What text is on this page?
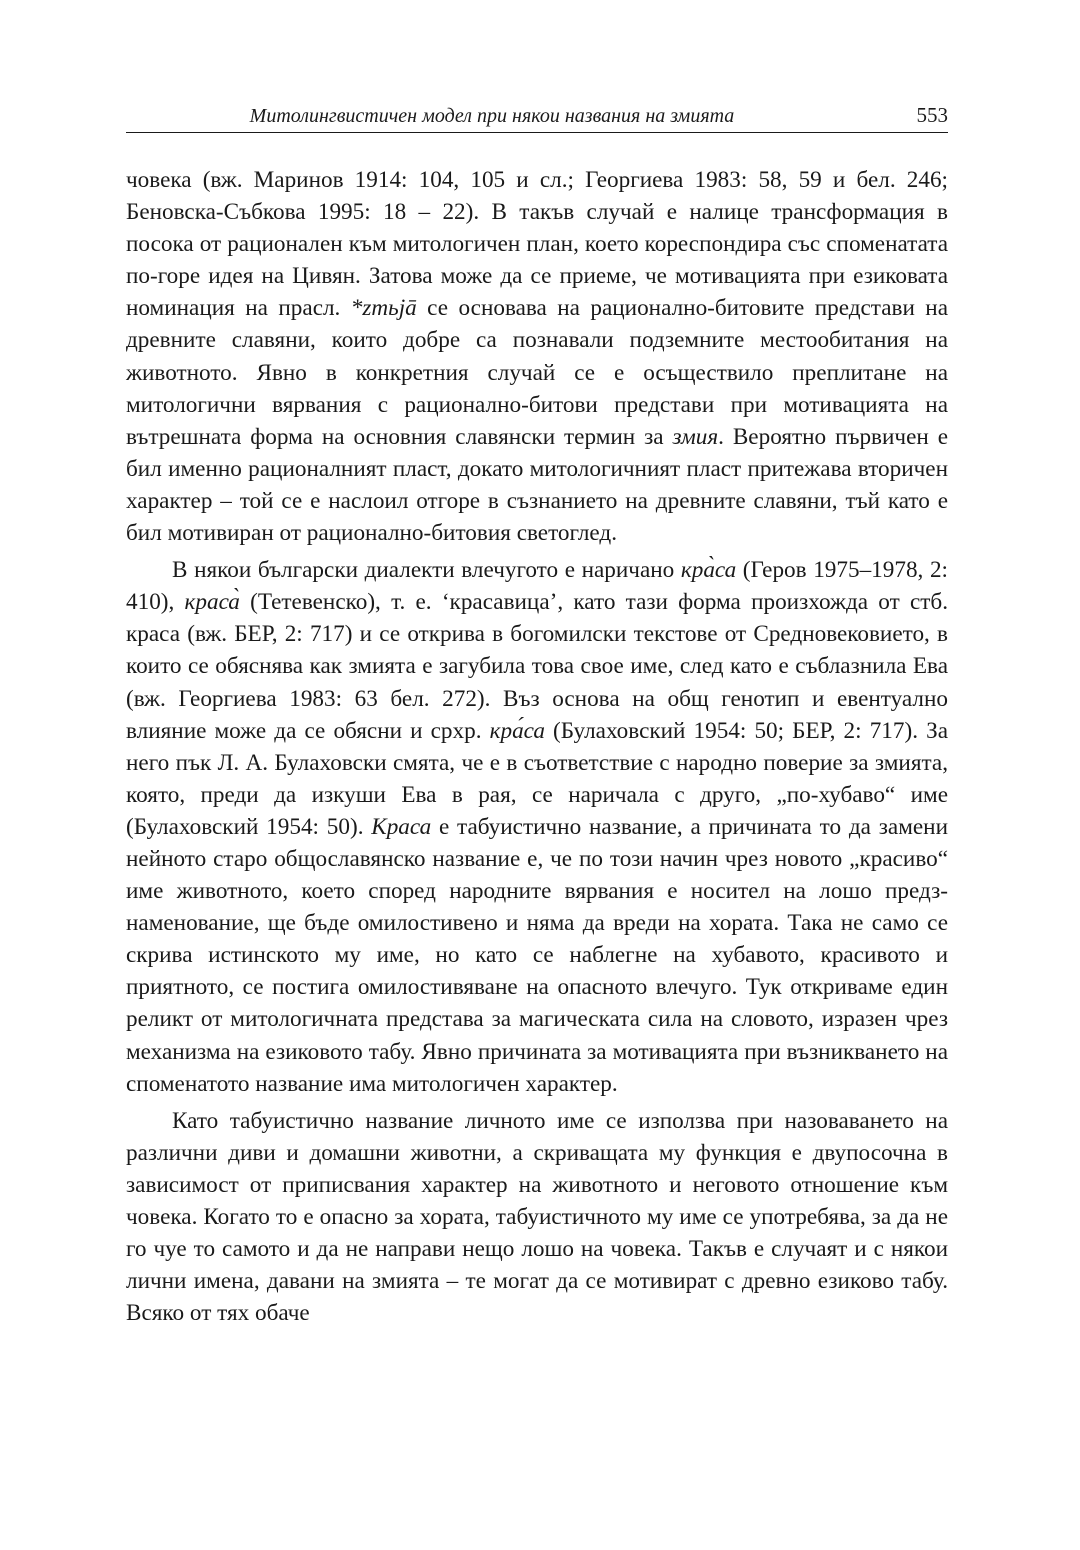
Митолингвистичен модел при някои названия на змията	553

човека (вж. Маринов 1914: 104, 105 и сл.; Георгиева 1983: 58, 59 и бел. 246; Беновска-Събкова 1995: 18 – 22). В такъв случай е налице трансформация в посока от рационален към митологичен план, което кореспондира със споменатата по-горе идея на Цивян. Затова може да се приеме, че мотивацията при езиковата номинация на прасл. *zmьjā се основава на рационално-битовите представи на древните славяни, които добре са познавали подземните местообитания на животното. Явно в конкретния случай се е осъществило преплитане на митологични вярвания с рационално-битови представи при мотивацията на вътрешната форма на основния славянски термин за змия. Вероятно първичен е бил именно рационалният пласт, докато митологичният пласт притежава вторичен характер – той се е наслоил отгоре в съзнанието на древните славяни, тъй като е бил мотивиран от рационално-битовия светоглед.

В някои български диалекти влечугото е наричано кра̀са (Геров 1975–1978, 2: 410), краса̀ (Тетевенско), т. е. ‘красавица’, като тази форма произхожда от стб. краса (вж. БЕР, 2: 717) и се открива в богомилски текстове от Средновековието, в които се обяснява как змията е загубила това свое име, след като е съблазнила Ева (вж. Георгиева 1983: 63 бел. 272). Въз основа на общ генотип и евентуално влияние може да се обясни и срхр. кра́са (Булаховский 1954: 50; БЕР, 2: 717). За него пък Л. А. Булаховски смята, че е в съответствие с народно поверие за змията, която, преди да изкуши Ева в рая, се наричала с друго, „по-хубаво“ име (Булаховский 1954: 50). Краса е табуистично название, а причината то да замени нейното старо общославянско название е, че по този начин чрез новото „красиво“ име животното, което според народните вярвания е носител на лошо предзнаменование, ще бъде омилостивено и няма да вреди на хората. Така не само се скрива истинското му име, но като се наблегне на хубавото, красивото и приятното, се постига омилостивяване на опасното влечуго. Тук откриваме един реликт от митологичната представа за магическата сила на словото, изразен чрез механизма на езиковото табу. Явно причината за мотивацията при възникването на споменатото название има митологичен характер.

Като табуистично название личното име се използва при назоваването на различни диви и домашни животни, а скриващата му функция е двупосочна в зависимост от приписвания характер на животното и неговото отношение към човека. Когато то е опасно за хората, табуистичното му име се употребява, за да не го чуе то самото и да не направи нещо лошо на човека. Такъв е случаят и с някои лични имена, давани на змията – те могат да се мотивират с древно езиково табу. Всяко от тях обаче
